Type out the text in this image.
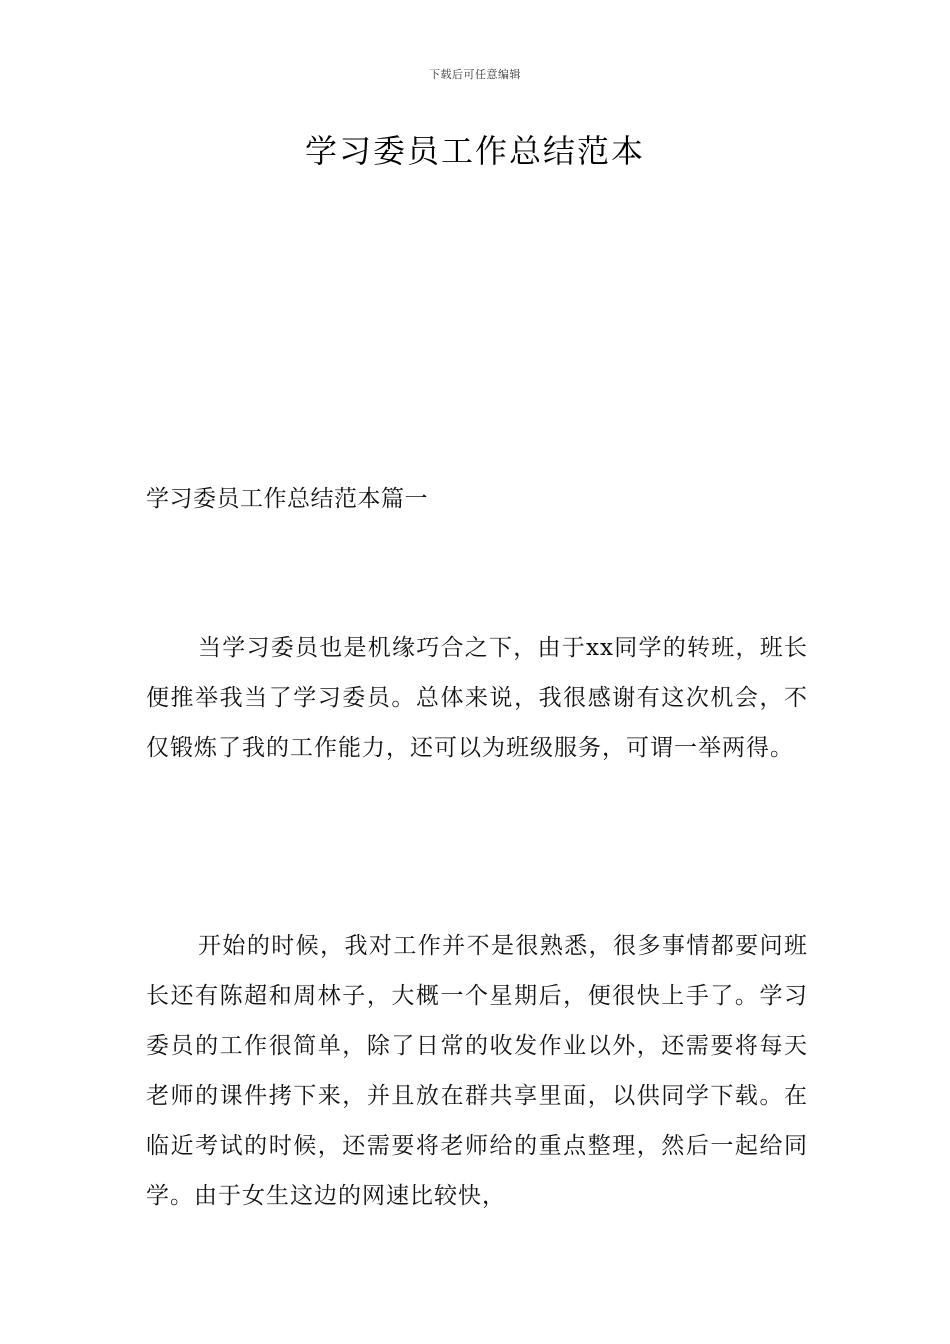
下载后可任意编辑
学习委员工作总结范本
学习委员工作总结范本篇一

当学习委员也是机缘巧合之下，由于xx同学的转班，班长便推举我当了学习委员。总体来说，我很感谢有这次机会，不仅锻炼了我的工作能力，还可以为班级服务，可谓一举两得。

开始的时候，我对工作并不是很熟悉，很多事情都要问班长还有陈超和周林子，大概一个星期后，便很快上手了。学习委员的工作很简单，除了日常的收发作业以外，还需要将每天老师的课件拷下来，并且放在群共享里面，以供同学下载。在临近考试的时候，还需要将老师给的重点整理，然后一起给同学。由于女生这边的网速比较快，
